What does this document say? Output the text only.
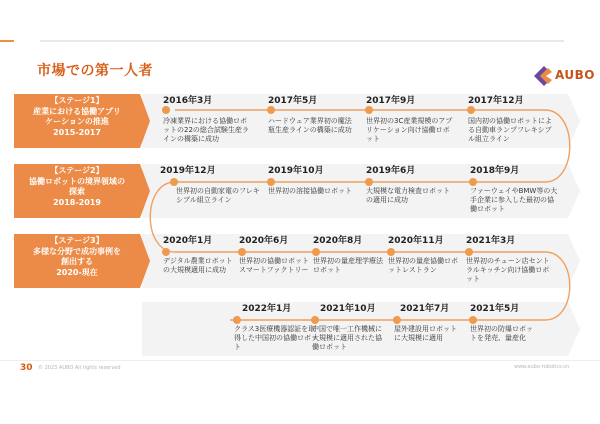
市場での第一人者	AUBO
【ステージ1】
産業における協働アプリ
ケーションの推進
2015-2017
【ステージ2】
協働ロボットの境界領域の
探索
2018-2019
【ステージ3】
多様な分野で成功事例を
創出する
2020-現在
2016年3月
冷凍業界における協働ロボットの22の総合試験生産ラインの構築に成功
2017年5月
ハードウェア業界初の魔法瓶生産ラインの構築に成功
2017年9月
世界初の3C産業規模のアプリケーション向け協働ロボット
2017年12月
国内初の協働ロボットによる自動車ランプフレキシブル組立ライン
2019年12月
世界初の自動家電のフレキシブル組立ライン
2019年10月
世界初の溶接協働ロボット
2019年6月
大規模な電力検査ロボットの適用に成功
2018年9月
ファーウェイやBMW等の大手企業に参入した最初の協働ロボット
2020年1月
デジタル農業ロボットの大規模適用に成功
2020年6月
世界初の協働ロボットスマートファクトリー
2020年8月
世界初の量産理学療法ロボット
2020年11月
世界初の量産協働ロボットレストラン
2021年3月
世界初のチェーン店セントラルキッチン向け協働ロボット
2022年1月
クラス3医療機器認証を取得した中国初の協働ロボット
2021年10月
中国で唯一工作機械に大規模に適用された協働ロボット
2021年7月
屋外建設用ロボットに大規模に適用
2021年5月
世界初の防爆ロボットを発売、量産化
30 © 2023 AUBO All rights reserved	www.aubo-robotics.cn
